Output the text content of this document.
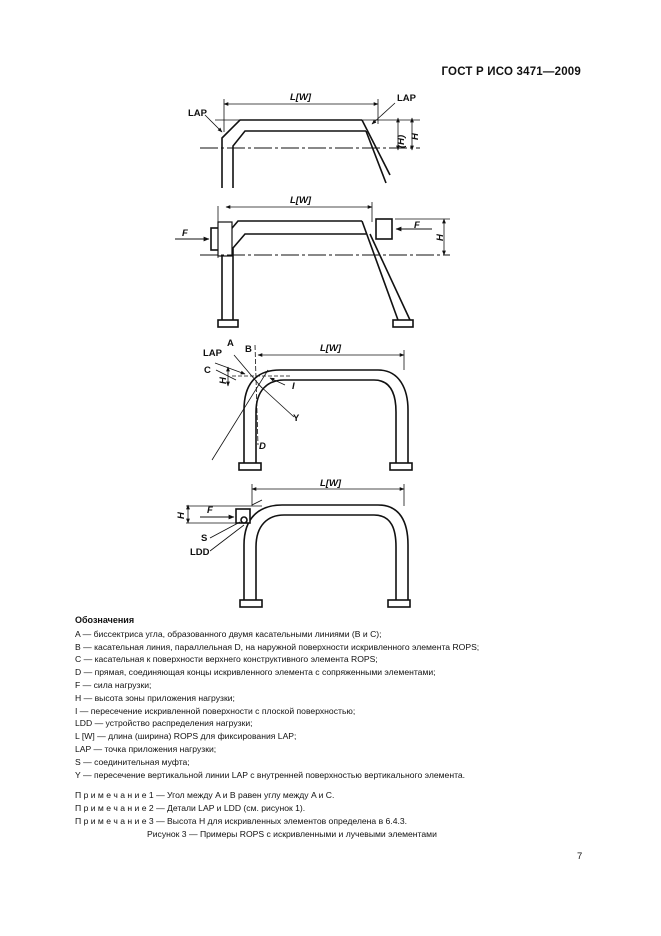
ГОСТ Р ИСО 3471—2009
LAP
L[W]	LAP
(H) H
L[W]
F
F
H
LAP
A
B
C
H
L[W]
I
Y
D
L[W]
F
H
S
LDD
Обозначения
A — биссектриса угла, образованного двумя касательными линиями (B и C);
B — касательная линия, параллельная D, на наружной поверхности искривленного элемента ROPS;
C — касательная к поверхности верхнего конструктивного элемента ROPS;
D — прямая, соединяющая концы искривленного элемента с сопряженными элементами;
F — сила нагрузки;
H — высота зоны приложения нагрузки;
I — пересечение искривленной поверхности с плоской поверхностью;
LDD — устройство распределения нагрузки;
L [W] — длина (ширина) ROPS для фиксирования LAP;
LAP — точка приложения нагрузки;
S — соединительная муфта;
Y — пересечение вертикальной линии LAP с внутренней поверхностью вертикального элемента.
П р и м е ч а н и е 1 — Угол между A и B равен углу между A и C.
П р и м е ч а н и е 2 — Детали LAP и LDD (см. рисунок 1).
П р и м е ч а н и е 3 — Высота H для искривленных элементов определена в 6.4.3.
Рисунок 3 — Примеры ROPS с искривленными и лучевыми элементами
7
